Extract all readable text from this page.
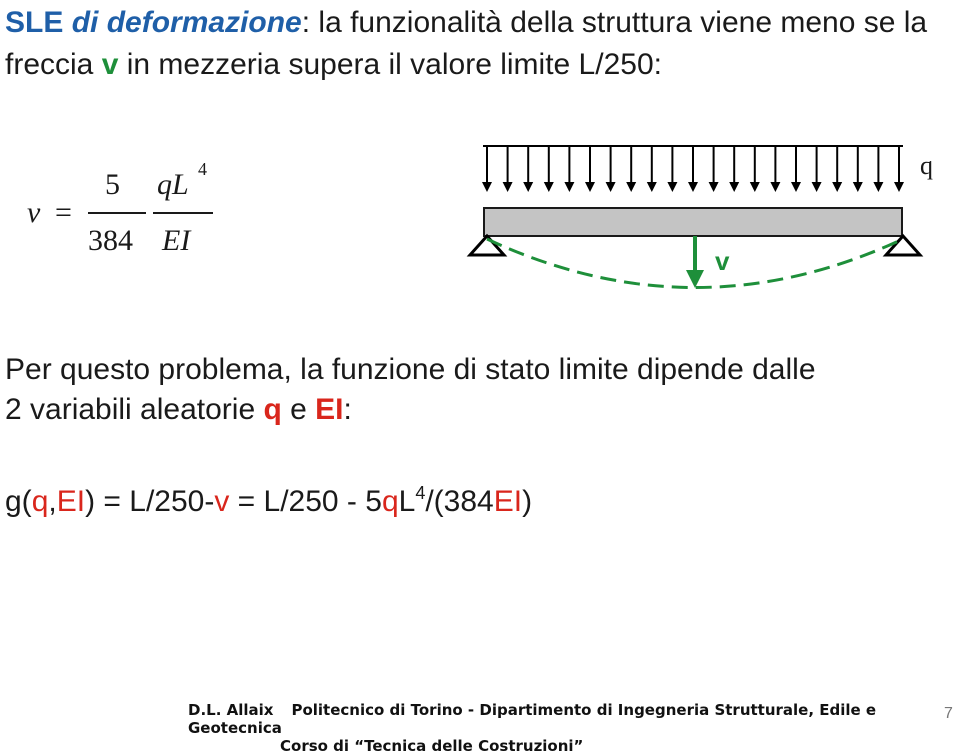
SLE di deformazione: la funzionalità della struttura viene meno se la freccia v in mezzeria supera il valore limite L/250:
v =
5
384
qL 4
EI
q
v
Per questo problema, la funzione di stato limite dipende dalle
2 variabili aleatorie q e EI:
$g(q,EI) = L/250-v = L/250 - 5qL^4/(384EI)$
D.L. Allaix Politecnico di Torino - Dipartimento di Ingegneria Strutturale, Edile e Geotecnica
Corso di “Tecnica delle Costruzioni”
7
